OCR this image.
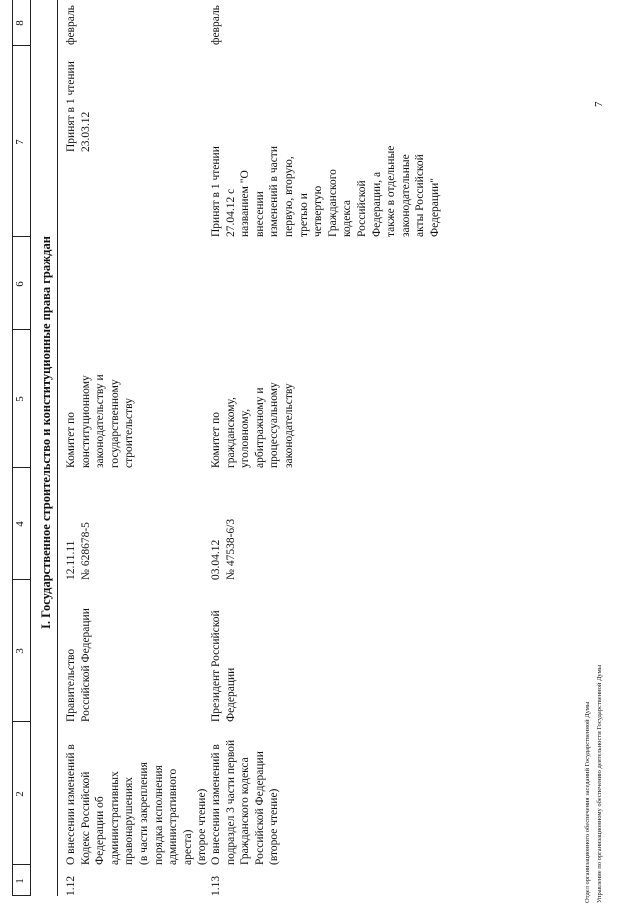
1
2
3
4
5
6
7
8
I. Государственное строительство и конституционные права граждан
1.12
О внесении изменений в Кодекс Российской Федерации об административных правонарушениях (в части закрепления порядка исполнения административного ареста) (второе чтение)
Правительство Российской Федерации
12.11.11 № 628678-5
Комитет по конституционному законодательству и государственному строительству
Принят в 1 чтении 23.03.12
февраль
1.13
О внесении изменений в подраздел 3 части первой Гражданского кодекса Российской Федерации (второе чтение)
Президент Российской Федерации
03.04.12 № 47538-6/3
Комитет по гражданскому, уголовному, арбитражному и процессуальному законодательству
Принят в 1 чтении 27.04.12 с названием "О внесении изменений в части первую, вторую, третью и четвертую Гражданского кодекса Российской Федерации, а также в отдельные законодательные акты Российской Федерации"
февраль
Отдел организационного обеспечения заседаний Государственной Думы Управление по организационному обеспечению деятельности Государственной Думы
7
